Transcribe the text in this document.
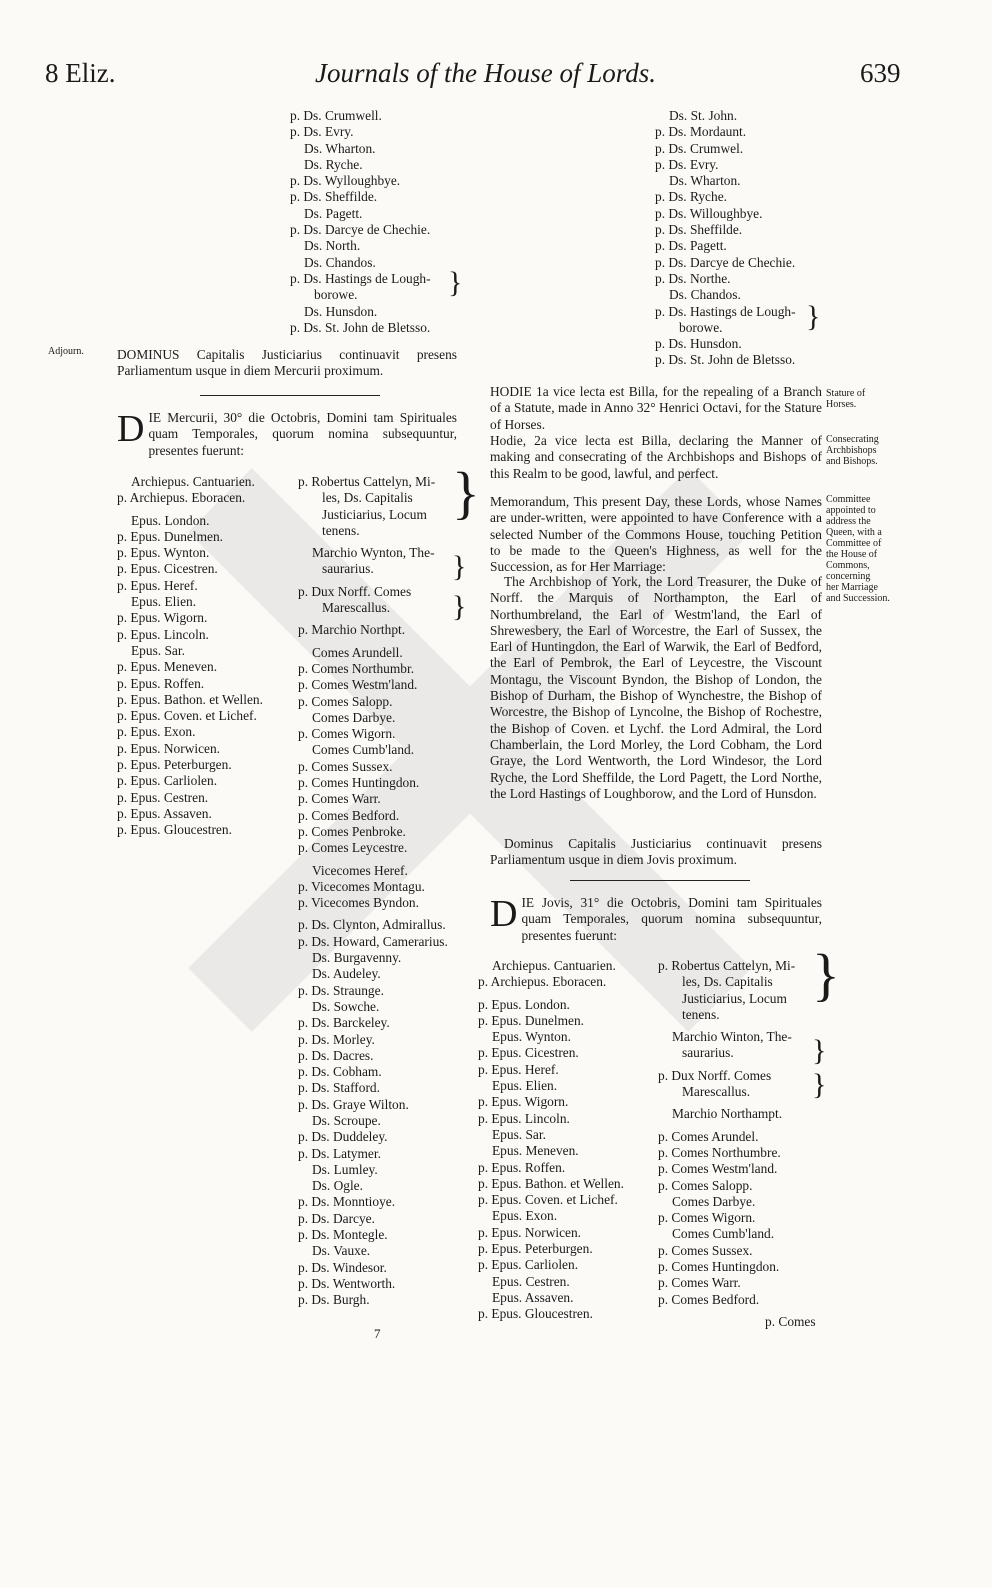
8 Eliz.	Journals of the House of Lords.	639
p. Ds. Crumwell.
p. Ds. Evry.
Ds. Wharton.
Ds. Ryche.
p. Ds. Wylloughbye.
p. Ds. Sheffilde.
Ds. Pagett.
p. Ds. Darcye de Chechie.
Ds. North.
Ds. Chandos.
p. Ds. Hastings de Lough-
borowe.
Ds. Hunsdon.
p. Ds. St. John de Bletsso.
}
Ds. St. John.
p. Ds. Mordaunt.
p. Ds. Crumwel.
p. Ds. Evry.
Ds. Wharton.
p. Ds. Ryche.
p. Ds. Willoughbye.
p. Ds. Sheffilde.
p. Ds. Pagett.
p. Ds. Darcye de Chechie.
p. Ds. Northe.
Ds. Chandos.
p. Ds. Hastings de Lough-
borowe.
p. Ds. Hunsdon.
p. Ds. St. John de Bletsso.
}
Adjourn. DOMINUS Capitalis Justiciarius continuavit presens Parliamentum usque in diem Mercurii proximum.

D IE Mercurii, 30° die Octobris, Domini tam Spirituales quam Temporales, quorum nomina subsequuntur, presentes fuerunt:
Archiepus. Cantuarien.
p. Archiepus. Eboracen.

Epus. London.
p. Epus. Dunelmen.
p. Epus. Wynton.
p. Epus. Cicestren.
p. Epus. Heref.
Epus. Elien.
p. Epus. Wigorn.
p. Epus. Lincoln.
Epus. Sar.
p. Epus. Meneven.
p. Epus. Roffen.
p. Epus. Bathon. et Wellen.
p. Epus. Coven. et Lichef.
p. Epus. Exon.
p. Epus. Norwicen.
p. Epus. Peterburgen.
p. Epus. Carliolen.
p. Epus. Cestren.
p. Epus. Assaven.
p. Epus. Gloucestren.
p. Robertus Cattelyn, Mi-
les, Ds. Capitalis
Justiciarius, Locum
tenens.

Marchio Wynton, The-
saurarius.

p. Dux Norff. Comes
Marescallus.

p. Marchio Northpt.

Comes Arundell.
p. Comes Northumbr.
p. Comes Westm'land.
p. Comes Salopp.
Comes Darbye.
p. Comes Wigorn.
Comes Cumb'land.
p. Comes Sussex.
p. Comes Huntingdon.
p. Comes Warr.
p. Comes Bedford.
p. Comes Penbroke.
p. Comes Leycestre.

Vicecomes Heref.
p. Vicecomes Montagu.
p. Vicecomes Byndon.

p. Ds. Clynton, Admirallus.
p. Ds. Howard, Camerarius.
Ds. Burgavenny.
Ds. Audeley.
p. Ds. Straunge.
Ds. Sowche.
p. Ds. Barckeley.
p. Ds. Morley.
p. Ds. Dacres.
p. Ds. Cobham.
p. Ds. Stafford.
p. Ds. Graye Wilton.
Ds. Scroupe.
p. Ds. Duddeley.
p. Ds. Latymer.
Ds. Lumley.
Ds. Ogle.
p. Ds. Monntioye.
p. Ds. Darcye.
p. Ds. Montegle.
Ds. Vauxe.
p. Ds. Windesor.
p. Ds. Wentworth.
p. Ds. Burgh.
}
}
}

HODIE 1a vice lecta est Billa, for the repealing of a Branch of a Statute, made in Anno 32° Henrici Octavi, for the Stature of Horses.

Stature of
Horses.

Hodie, 2a vice lecta est Billa, declaring the Manner of making and consecrating of the Archbishops and Bishops of this Realm to be good, lawful, and perfect.

Consecrating
Archbishops
and Bishops.

Memorandum, This present Day, these Lords, whose Names are under-written, were appointed to have Conference with a selected Number of the Commons House, touching Petition to be made to the Queen's Highness, as well for the Succession, as for Her Marriage:

Committee
appointed to
address the
Queen, with a
Committee of
the House of
Commons,
concerning
her Marriage
and Succession.

The Archbishop of York, the Lord Treasurer, the Duke of Norff. the Marquis of Northampton, the Earl of Northumbreland, the Earl of Westm'land, the Earl of Shrewesbery, the Earl of Worcestre, the Earl of Sussex, the Earl of Huntingdon, the Earl of Warwik, the Earl of Bedford, the Earl of Pembrok, the Earl of Leycestre, the Viscount Montagu, the Viscount Byndon, the Bishop of London, the Bishop of Durham, the Bishop of Wynchestre, the Bishop of Worcestre, the Bishop of Lyncolne, the Bishop of Rochestre, the Bishop of Coven. et Lychf. the Lord Admiral, the Lord Chamberlain, the Lord Morley, the Lord Cobham, the Lord Graye, the Lord Wentworth, the Lord Windesor, the Lord Ryche, the Lord Sheffilde, the Lord Pagett, the Lord Northe, the Lord Hastings of Loughborow, and the Lord of Hunsdon.

Dominus Capitalis Justiciarius continuavit presens Parliamentum usque in diem Jovis proximum.

D IE Jovis, 31° die Octobris, Domini tam Spirituales quam Temporales, quorum nomina subsequuntur, presentes fuerunt:
Archiepus. Cantuarien.
p. Archiepus. Eboracen.

p. Epus. London.
p. Epus. Dunelmen.
Epus. Wynton.
p. Epus. Cicestren.
p. Epus. Heref.
Epus. Elien.
p. Epus. Wigorn.
p. Epus. Lincoln.
Epus. Sar.
Epus. Meneven.
p. Epus. Roffen.
p. Epus. Bathon. et Wellen.
p. Epus. Coven. et Lichef.
Epus. Exon.
p. Epus. Norwicen.
p. Epus. Peterburgen.
p. Epus. Carliolen.
Epus. Cestren.
Epus. Assaven.
p. Epus. Gloucestren.
p. Robertus Cattelyn, Mi-
les, Ds. Capitalis
Justiciarius, Locum
tenens.

Marchio Winton, The-
saurarius.

p. Dux Norff. Comes
Marescallus.

Marchio Northampt.

p. Comes Arundel.
p. Comes Northumbre.
p. Comes Westm'land.
p. Comes Salopp.
Comes Darbye.
p. Comes Wigorn.
Comes Cumb'land.
p. Comes Sussex.
p. Comes Huntingdon.
p. Comes Warr.
p. Comes Bedford.
}
}
}
7
p. Comes
